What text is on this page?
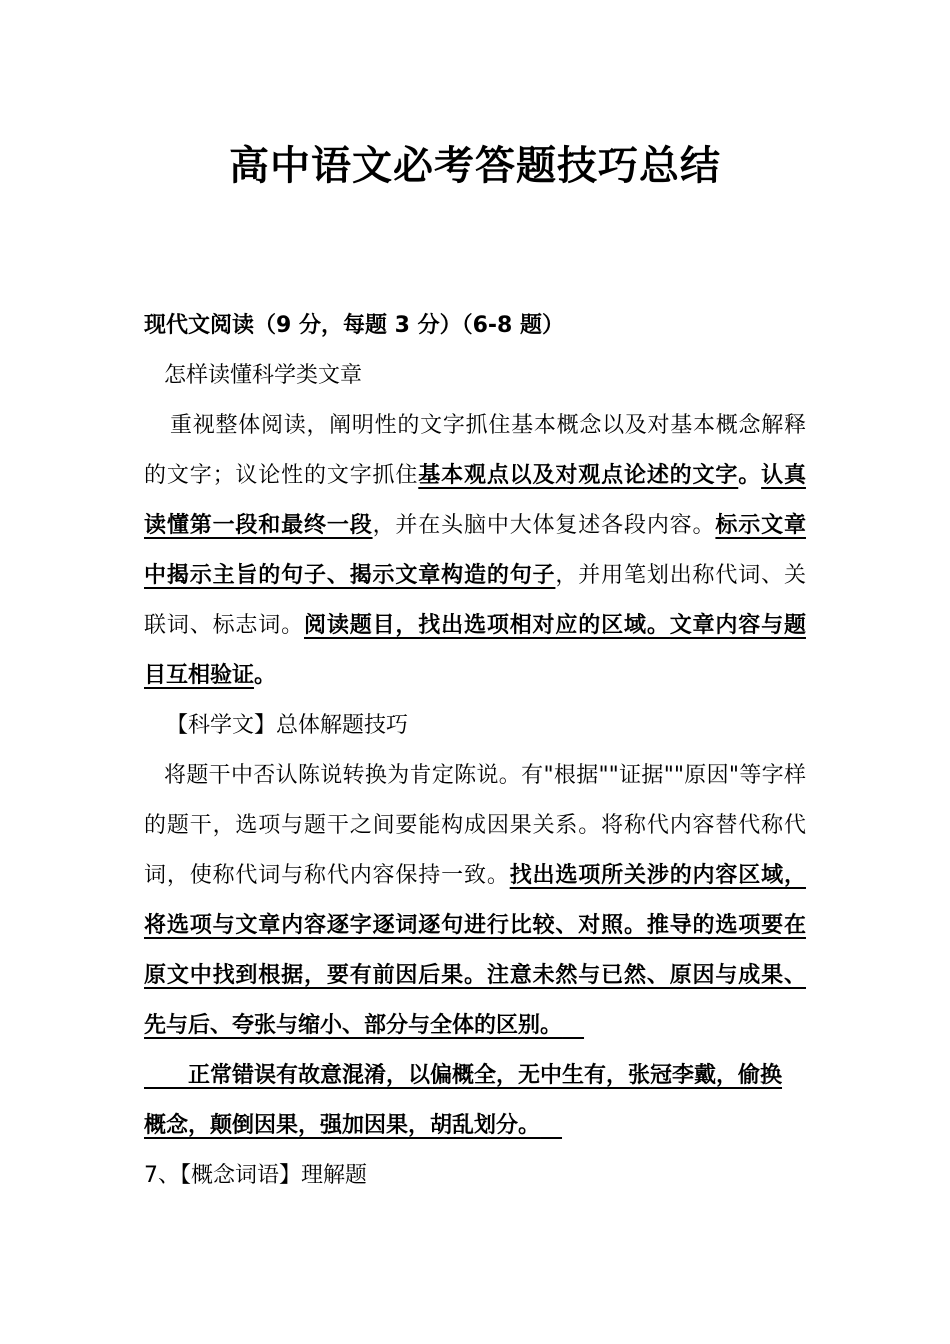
高中语文必考答题技巧总结
现代文阅读（9 分，每题 3 分）（6-8 题）
怎样读懂科学类文章
重视整体阅读，阐明性的文字抓住基本概念以及对基本概念解释
的文字；议论性的文字抓住基本观点以及对观点论述的文字。认真
读懂第一段和最终一段，并在头脑中大体复述各段内容。标示文章
中揭示主旨的句子、揭示文章构造的句子，并用笔划出称代词、关
联词、标志词。阅读题目，找出选项相对应的区域。文章内容与题
目互相验证。
【科学文】总体解题技巧
将题干中否认陈说转换为肯定陈说。有"根据""证据""原因"等字样
的题干，选项与题干之间要能构成因果关系。将称代内容替代称代
词，使称代词与称代内容保持一致。找出选项所关涉的内容区域，
将选项与文章内容逐字逐词逐句进行比较、对照。推导的选项要在
原文中找到根据，要有前因后果。注意未然与已然、原因与成果、
先与后、夸张与缩小、部分与全体的区别。 
  正常错误有故意混淆，以偏概全，无中生有，张冠李戴，偷换
概念，颠倒因果，强加因果，胡乱划分。 
7、【概念词语】理解题
